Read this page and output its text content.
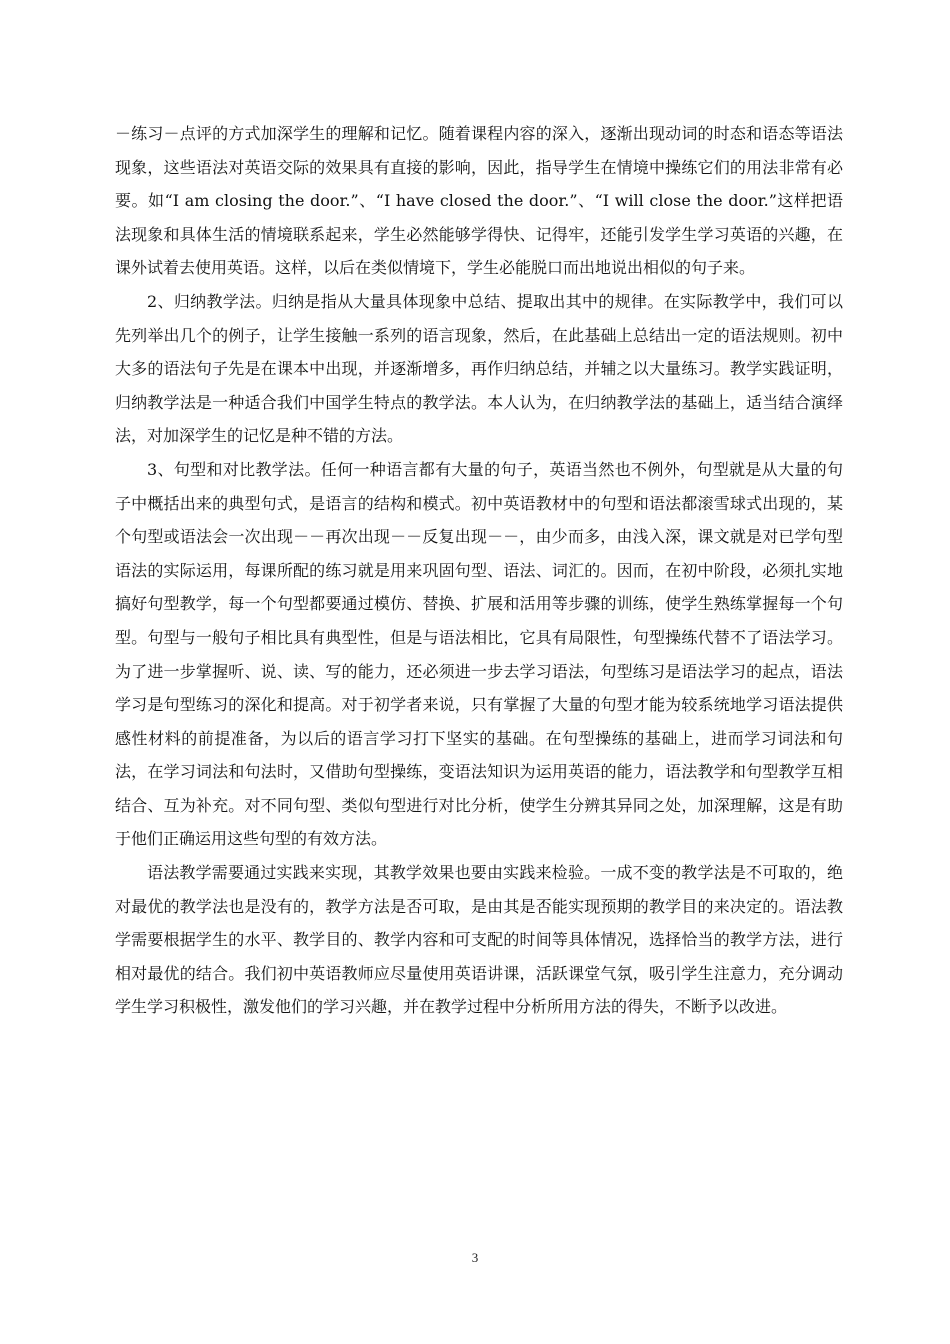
－练习－点评的方式加深学生的理解和记忆。随着课程内容的深入，逐渐出现动词的时态和语态等语法现象，这些语法对英语交际的效果具有直接的影响，因此，指导学生在情境中操练它们的用法非常有必要。如“I am closing the door.”、“I have closed the door.”、“I will close the door.”这样把语法现象和具体生活的情境联系起来，学生必然能够学得快、记得牢，还能引发学生学习英语的兴趣，在课外试着去使用英语。这样，以后在类似情境下，学生必能脱口而出地说出相似的句子来。

2、归纳教学法。归纳是指从大量具体现象中总结、提取出其中的规律。在实际教学中，我们可以先列举出几个的例子，让学生接触一系列的语言现象，然后，在此基础上总结出一定的语法规则。初中大多的语法句子先是在课本中出现，并逐渐增多，再作归纳总结，并辅之以大量练习。教学实践证明，归纳教学法是一种适合我们中国学生特点的教学法。本人认为，在归纳教学法的基础上，适当结合演绎法，对加深学生的记忆是种不错的方法。

3、句型和对比教学法。任何一种语言都有大量的句子，英语当然也不例外，句型就是从大量的句子中概括出来的典型句式，是语言的结构和模式。初中英语教材中的句型和语法都滚雪球式出现的，某个句型或语法会一次出现－－再次出现－－反复出现－－，由少而多，由浅入深，课文就是对已学句型语法的实际运用，每课所配的练习就是用来巩固句型、语法、词汇的。因而，在初中阶段，必须扎实地搞好句型教学，每一个句型都要通过模仿、替换、扩展和活用等步骤的训练，使学生熟练掌握每一个句型。句型与一般句子相比具有典型性，但是与语法相比，它具有局限性，句型操练代替不了语法学习。为了进一步掌握听、说、读、写的能力，还必须进一步去学习语法，句型练习是语法学习的起点，语法学习是句型练习的深化和提高。对于初学者来说，只有掌握了大量的句型才能为较系统地学习语法提供感性材料的前提准备，为以后的语言学习打下坚实的基础。在句型操练的基础上，进而学习词法和句法，在学习词法和句法时，又借助句型操练，变语法知识为运用英语的能力，语法教学和句型教学互相结合、互为补充。对不同句型、类似句型进行对比分析，使学生分辨其异同之处，加深理解，这是有助于他们正确运用这些句型的有效方法。

语法教学需要通过实践来实现，其教学效果也要由实践来检验。一成不变的教学法是不可取的，绝对最优的教学法也是没有的，教学方法是否可取，是由其是否能实现预期的教学目的来决定的。语法教学需要根据学生的水平、教学目的、教学内容和可支配的时间等具体情况，选择恰当的教学方法，进行相对最优的结合。我们初中英语教师应尽量使用英语讲课，活跃课堂气氛，吸引学生注意力，充分调动学生学习积极性，激发他们的学习兴趣，并在教学过程中分析所用方法的得失，不断予以改进。

3
